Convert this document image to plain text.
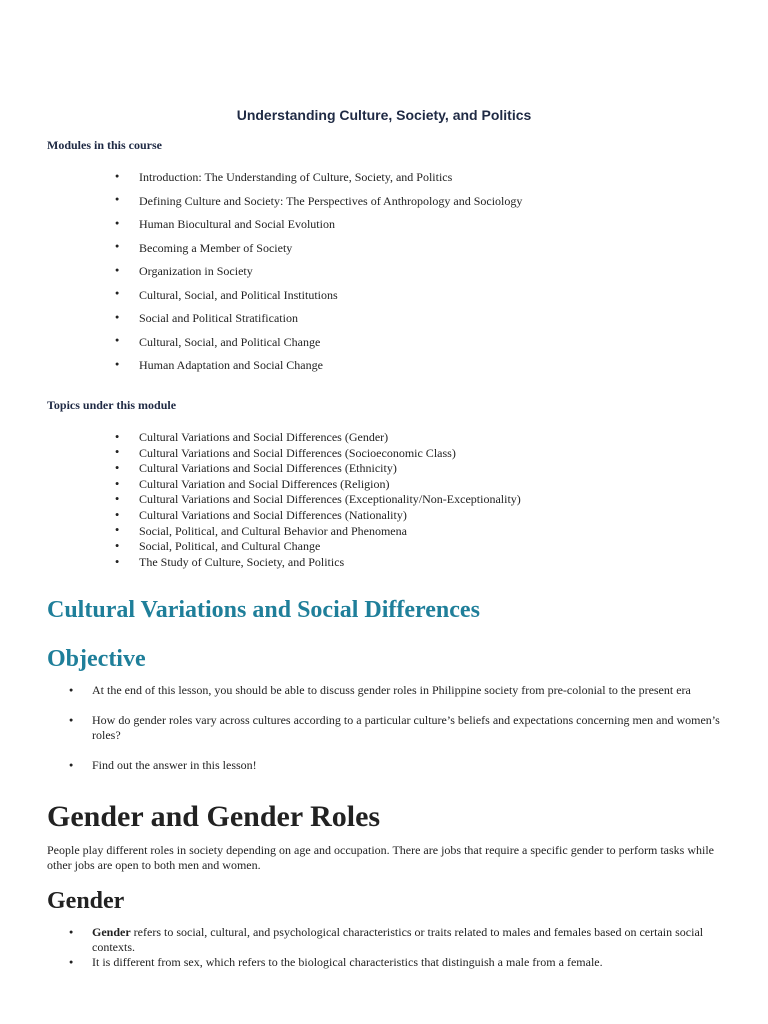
Understanding Culture, Society, and Politics
Modules in this course
● Introduction: The Understanding of Culture, Society, and Politics
● Defining Culture and Society: The Perspectives of Anthropology and Sociology
● Human Biocultural and Social Evolution
● Becoming a Member of Society
● Organization in Society
● Cultural, Social, and Political Institutions
● Social and Political Stratification
● Cultural, Social, and Political Change
● Human Adaptation and Social Change
Topics under this module
● Cultural Variations and Social Differences (Gender)
● Cultural Variations and Social Differences (Socioeconomic Class)
● Cultural Variations and Social Differences (Ethnicity)
● Cultural Variation and Social Differences (Religion)
● Cultural Variations and Social Differences (Exceptionality/Non-Exceptionality)
● Cultural Variations and Social Differences (Nationality)
● Social, Political, and Cultural Behavior and Phenomena
● Social, Political, and Cultural Change
● The Study of Culture, Society, and Politics
Cultural Variations and Social Differences
Objective
● At the end of this lesson, you should be able to discuss gender roles in Philippine society from pre-colonial to the present era
● How do gender roles vary across cultures according to a particular culture’s beliefs and expectations concerning men and women’s roles?
● Find out the answer in this lesson!
Gender and Gender Roles

People play different roles in society depending on age and occupation. There are jobs that require a specific gender to perform tasks while other jobs are open to both men and women.

Gender
● Gender refers to social, cultural, and psychological characteristics or traits related to males and females based on certain social contexts.
● It is different from sex, which refers to the biological characteristics that distinguish a male from a female.
